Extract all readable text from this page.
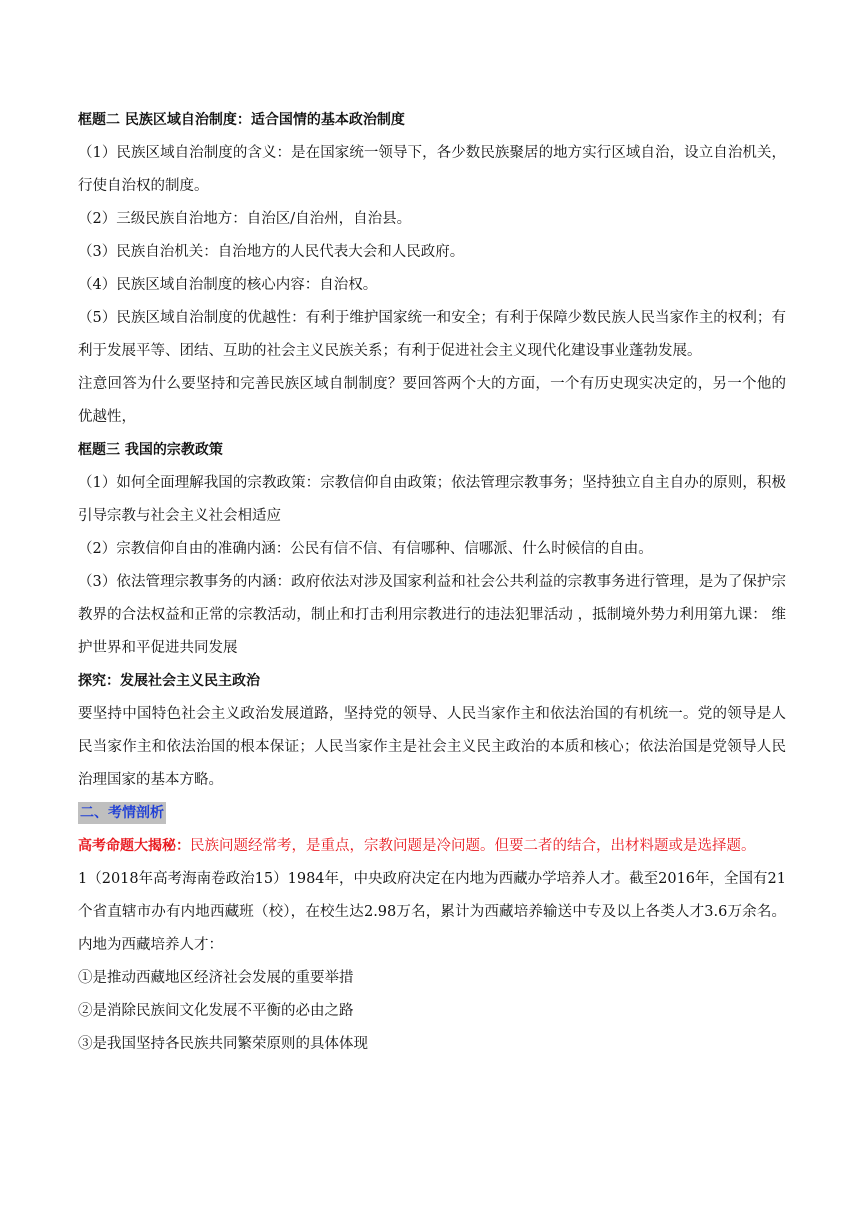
框题二 民族区域自治制度：适合国情的基本政治制度

（1）民族区域自治制度的含义：是在国家统一领导下，各少数民族聚居的地方实行区域自治，设立自治机关，行使自治权的制度。

（2）三级民族自治地方：自治区/自治州，自治县。

（3）民族自治机关：自治地方的人民代表大会和人民政府。

（4）民族区域自治制度的核心内容：自治权。

（5）民族区域自治制度的优越性：有利于维护国家统一和安全；有利于保障少数民族人民当家作主的权利；有利于发展平等、团结、互助的社会主义民族关系；有利于促进社会主义现代化建设事业蓬勃发展。

注意回答为什么要坚持和完善民族区域自制制度？要回答两个大的方面，一个有历史现实决定的，另一个他的优越性，

框题三 我国的宗教政策

（1）如何全面理解我国的宗教政策：宗教信仰自由政策；依法管理宗教事务；坚持独立自主自办的原则，积极引导宗教与社会主义社会相适应

（2）宗教信仰自由的准确内涵：公民有信不信、有信哪种、信哪派、什么时候信的自由。

（3）依法管理宗教事务的内涵：政府依法对涉及国家利益和社会公共利益的宗教事务进行管理，是为了保护宗教界的合法权益和正常的宗教活动，制止和打击利用宗教进行的违法犯罪活动 ，抵制境外势力利用第九课： 维护世界和平促进共同发展

探究：发展社会主义民主政治

要坚持中国特色社会主义政治发展道路，坚持党的领导、人民当家作主和依法治国的有机统一。党的领导是人民当家作主和依法治国的根本保证；人民当家作主是社会主义民主政治的本质和核心；依法治国是党领导人民治理国家的基本方略。

二、考情剖析

高考命题大揭秘：民族问题经常考，是重点，宗教问题是冷问题。但要二者的结合，出材料题或是选择题。

1（2018年高考海南卷政治15）1984年，中央政府决定在内地为西藏办学培养人才。截至2016年，全国有21个省直辖市办有内地西藏班（校），在校生达2.98万名，累计为西藏培养输送中专及以上各类人才3.6万余名。内地为西藏培养人才：

①是推动西藏地区经济社会发展的重要举措

②是消除民族间文化发展不平衡的必由之路

③是我国坚持各民族共同繁荣原则的具体体现
